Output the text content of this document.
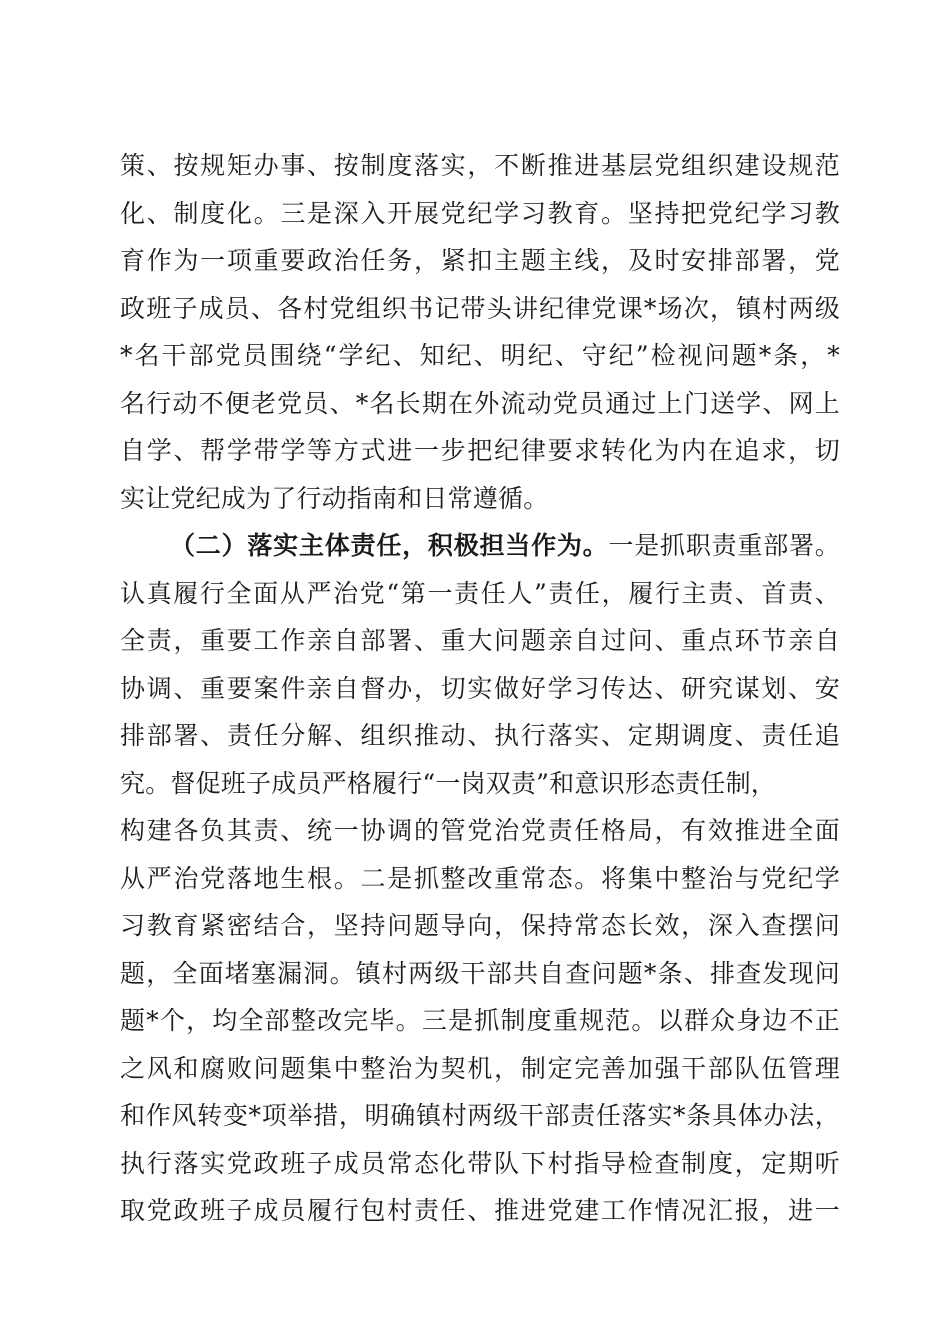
策、按规矩办事、按制度落实，不断推进基层党组织建设规范
化、制度化。三是深入开展党纪学习教育。坚持把党纪学习教
育作为一项重要政治任务，紧扣主题主线，及时安排部署，党
政班子成员、各村党组织书记带头讲纪律党课*场次，镇村两级
*名干部党员围绕“学纪、知纪、明纪、守纪”检视问题*条，*
名行动不便老党员、*名长期在外流动党员通过上门送学、网上
自学、帮学带学等方式进一步把纪律要求转化为内在追求，切
实让党纪成为了行动指南和日常遵循。
（二）落实主体责任，积极担当作为。一是抓职责重部署。
认真履行全面从严治党“第一责任人”责任，履行主责、首责、
全责，重要工作亲自部署、重大问题亲自过问、重点环节亲自
协调、重要案件亲自督办，切实做好学习传达、研究谋划、安
排部署、责任分解、组织推动、执行落实、定期调度、责任追
究。督促班子成员严格履行“一岗双责”和意识形态责任制，
构建各负其责、统一协调的管党治党责任格局，有效推进全面
从严治党落地生根。二是抓整改重常态。将集中整治与党纪学
习教育紧密结合，坚持问题导向，保持常态长效，深入查摆问
题，全面堵塞漏洞。镇村两级干部共自查问题*条、排查发现问
题*个，均全部整改完毕。三是抓制度重规范。以群众身边不正
之风和腐败问题集中整治为契机，制定完善加强干部队伍管理
和作风转变*项举措，明确镇村两级干部责任落实*条具体办法，
执行落实党政班子成员常态化带队下村指导检查制度，定期听
取党政班子成员履行包村责任、推进党建工作情况汇报，进一
